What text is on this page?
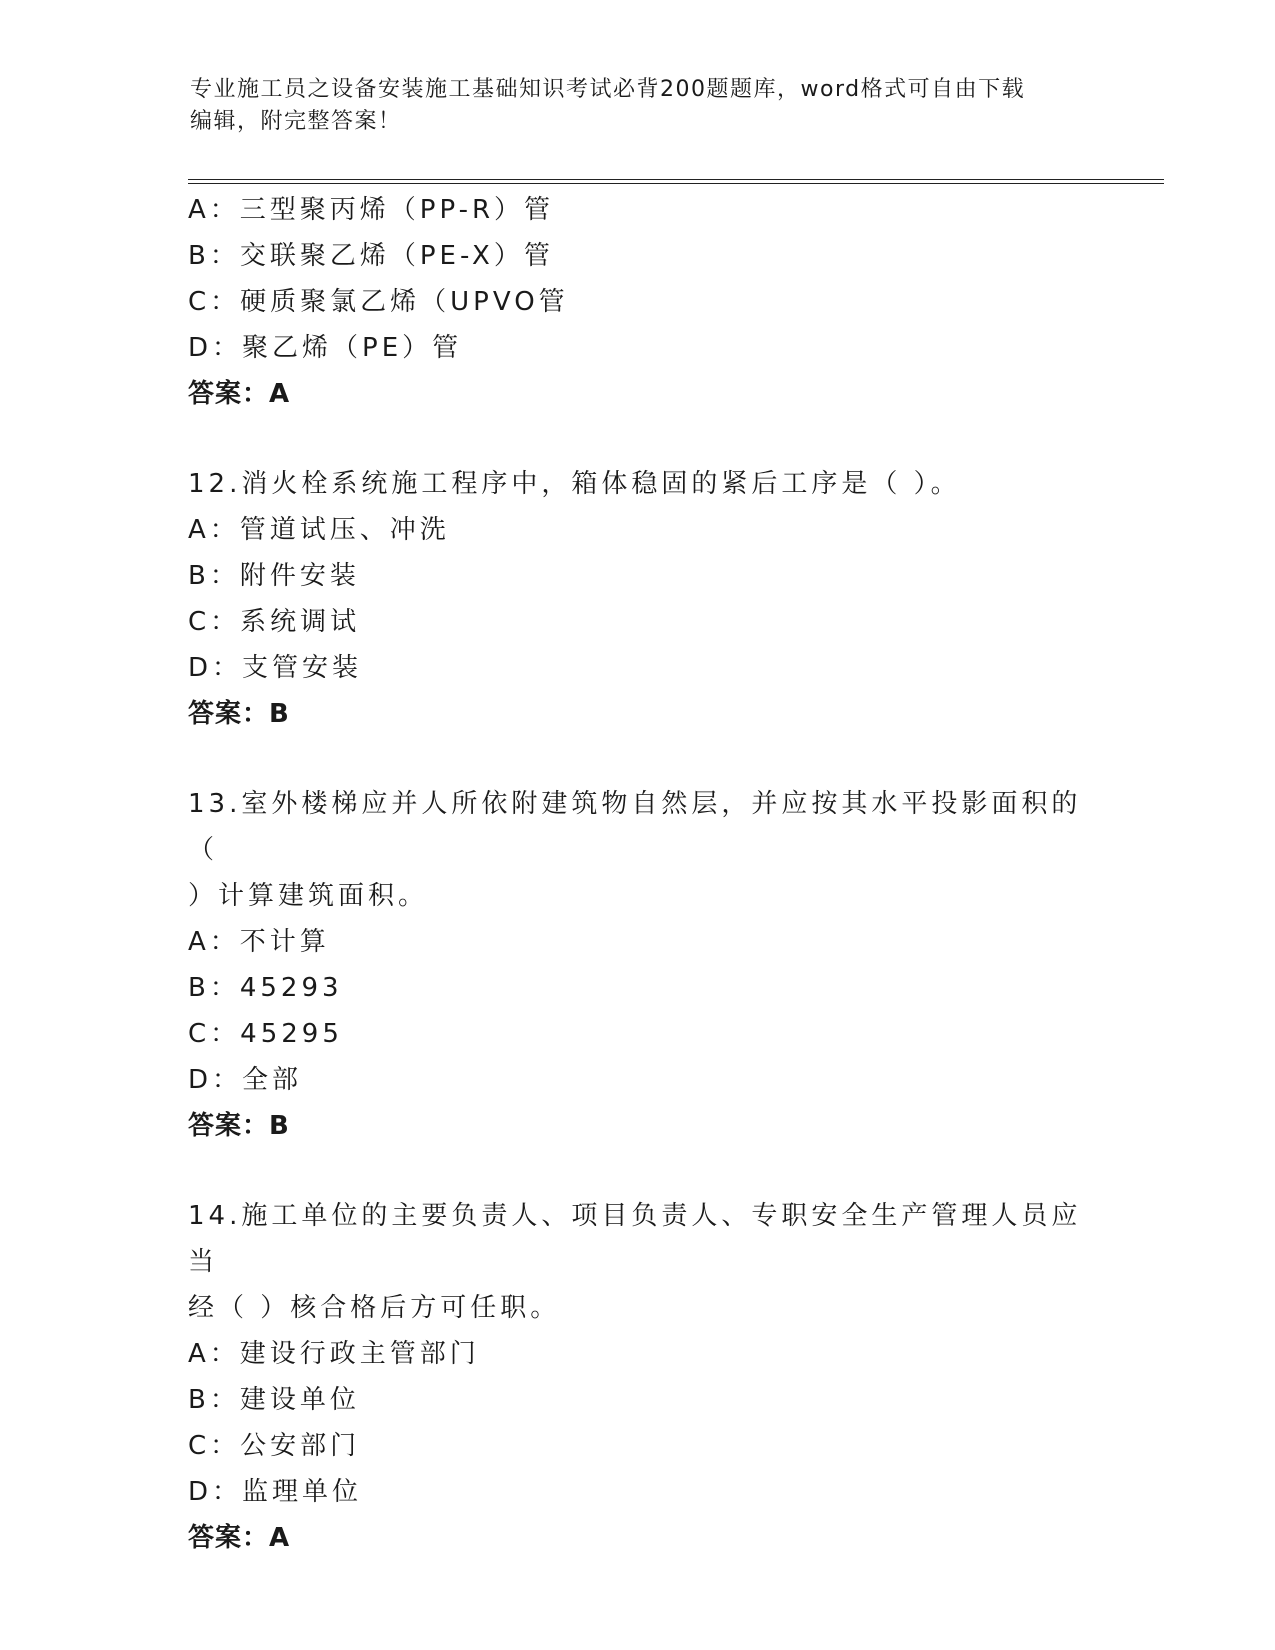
专业施工员之设备安装施工基础知识考试必背200题题库，word格式可自由下载
编辑，附完整答案！
A：三型聚丙烯（PP-R）管
B：交联聚乙烯（PE-X）管
C：硬质聚氯乙烯（UPVO管
D：聚乙烯（PE）管
答案：A
12.消火栓系统施工程序中，箱体稳固的紧后工序是（ ）。
A：管道试压、冲洗
B：附件安装
C：系统调试
D：支管安装
答案：B
13.室外楼梯应并人所依附建筑物自然层，并应按其水平投影面积的（
）计算建筑面积。
A：不计算
B：45293
C：45295
D：全部
答案：B
14.施工单位的主要负责人、项目负责人、专职安全生产管理人员应当
经（ ）核合格后方可任职。
A：建设行政主管部门
B：建设单位
C：公安部门
D：监理单位
答案：A
